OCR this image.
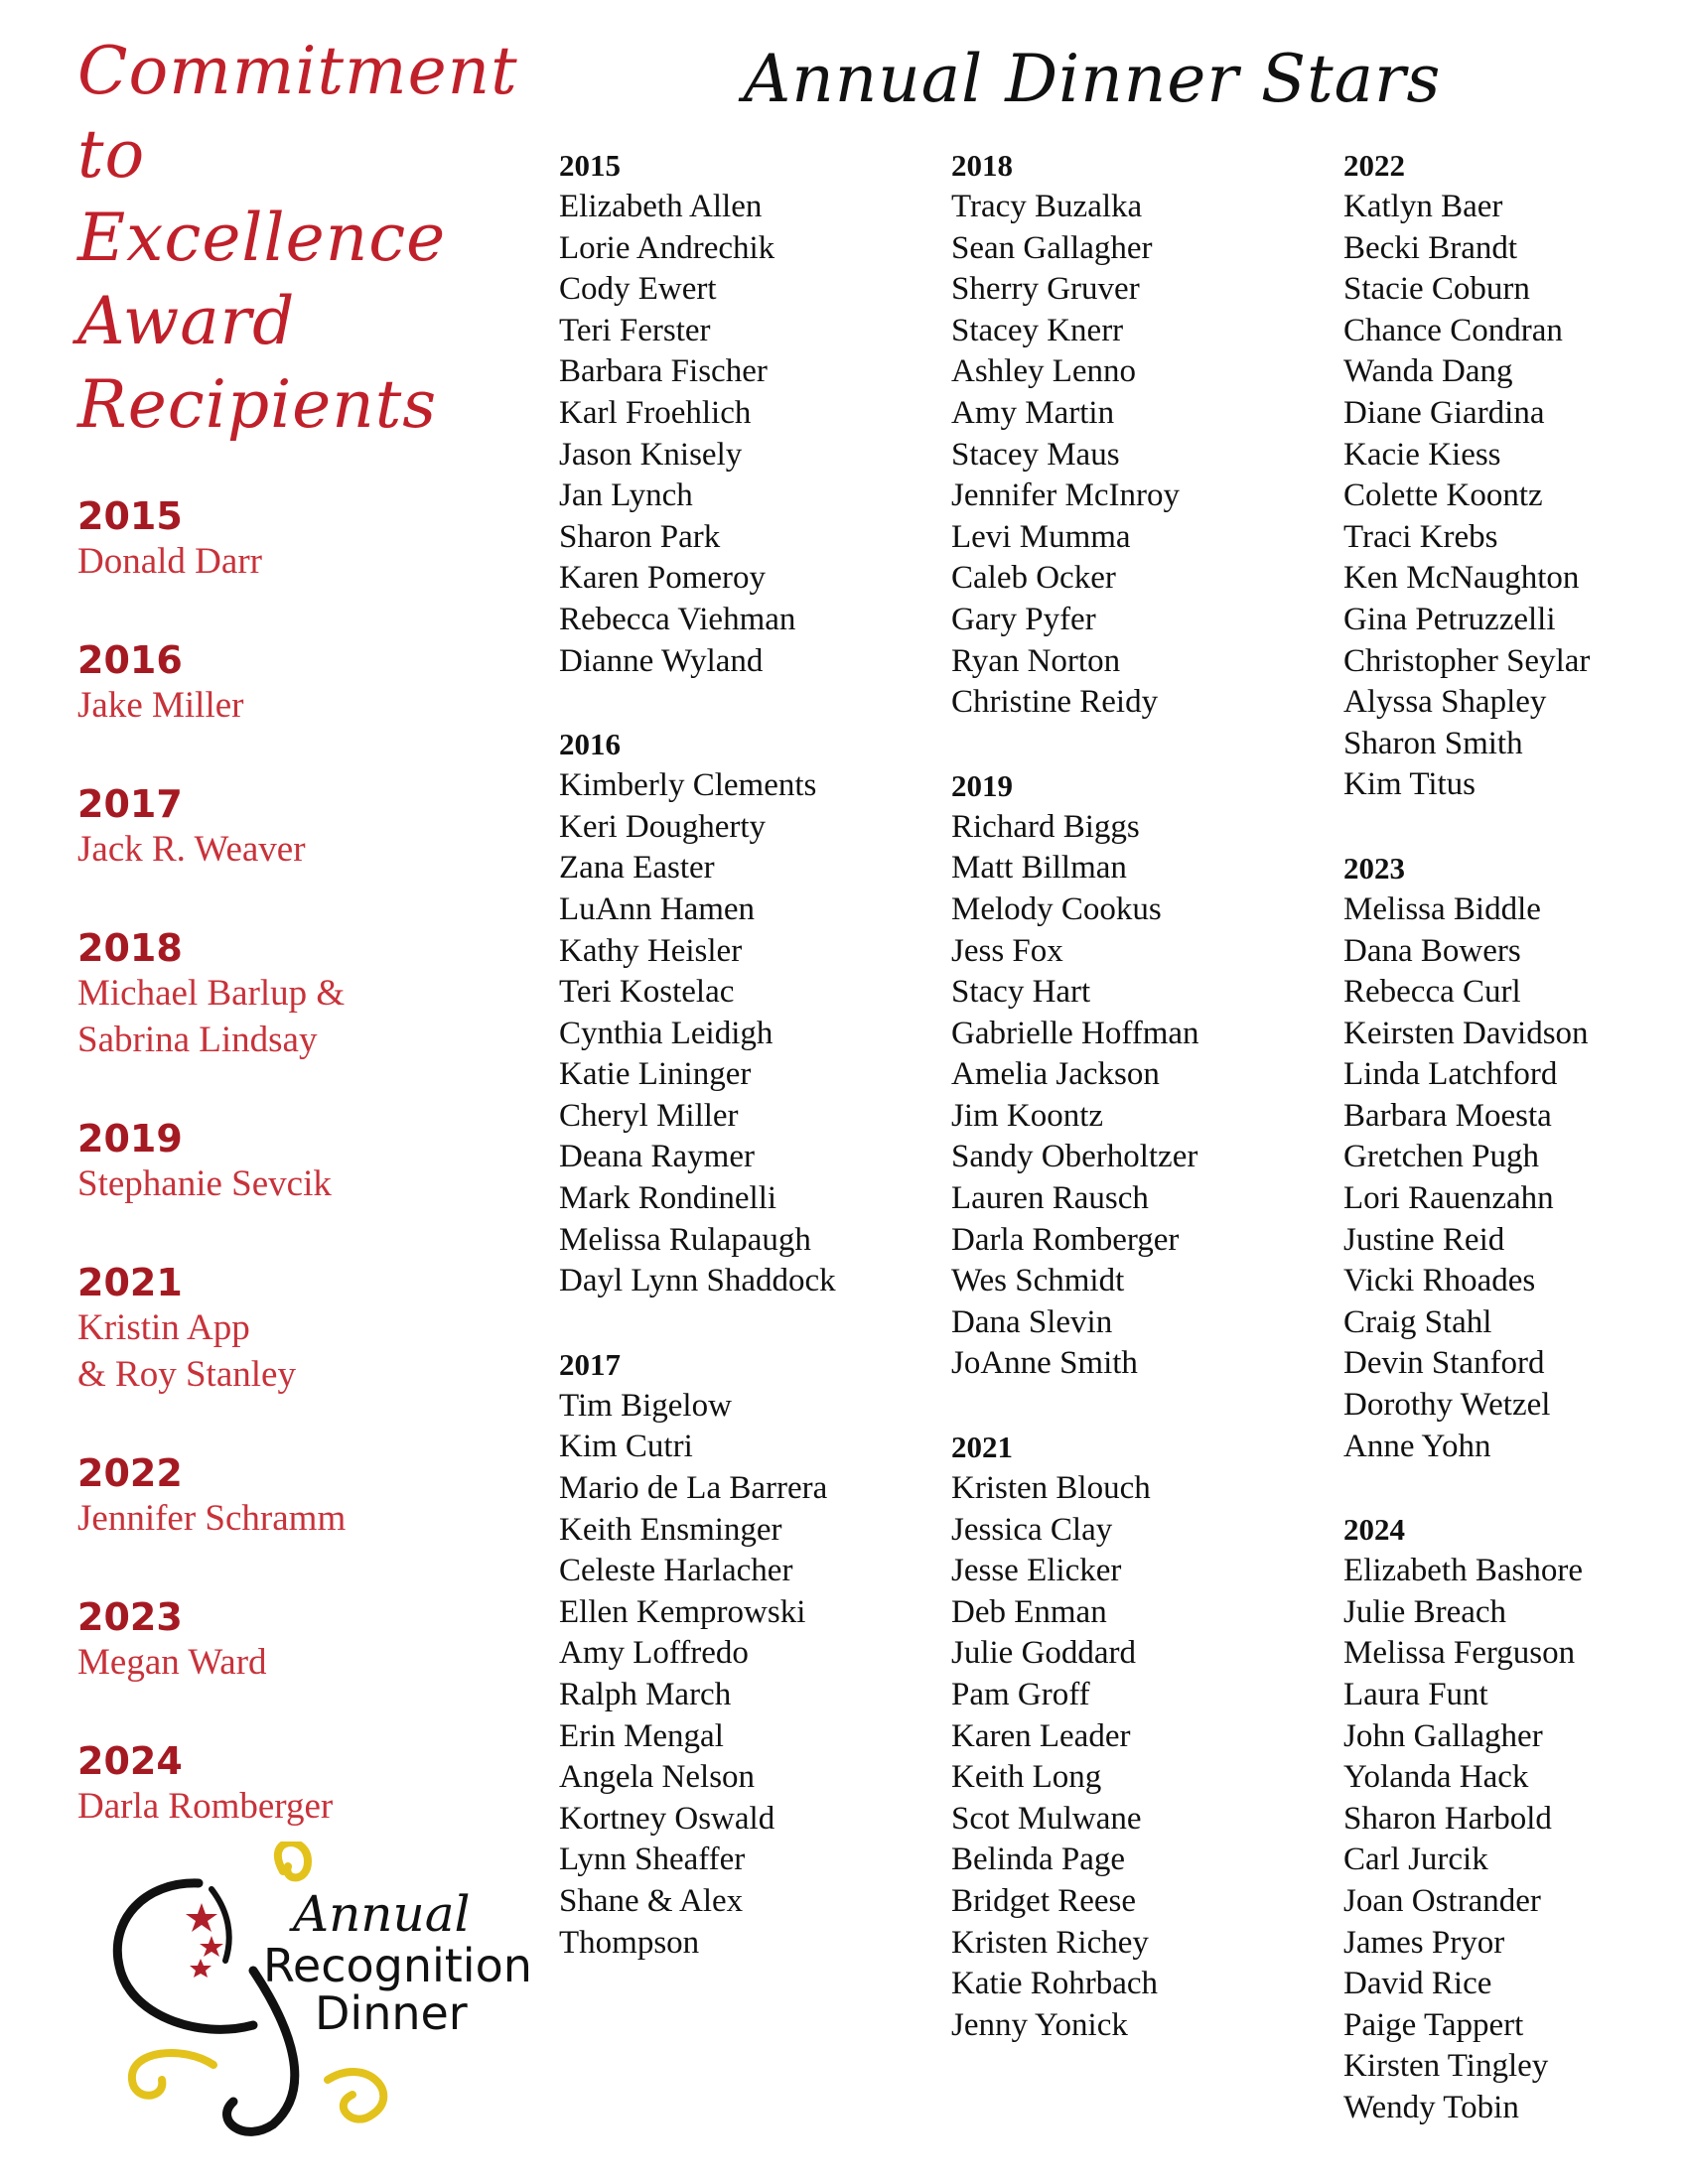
Commitment
to Excellence
Award
Recipients
2015
Donald Darr
2016
Jake Miller
2017
Jack R. Weaver
2018
Michael Barlup &
Sabrina Lindsay
2019
Stephanie Sevcik
2021
Kristin App
& Roy Stanley
2022
Jennifer Schramm
2023
Megan Ward
2024
Darla Romberger
Annual Dinner Stars
2015
Elizabeth Allen
Lorie Andrechik
Cody Ewert
Teri Ferster
Barbara Fischer
Karl Froehlich
Jason Knisely
Jan Lynch
Sharon Park
Karen Pomeroy
Rebecca Viehman
Dianne Wyland
2016
Kimberly Clements
Keri Dougherty
Zana Easter
LuAnn Hamen
Kathy Heisler
Teri Kostelac
Cynthia Leidigh
Katie Lininger
Cheryl Miller
Deana Raymer
Mark Rondinelli
Melissa Rulapaugh
Dayl Lynn Shaddock
2017
Tim Bigelow
Kim Cutri
Mario de La Barrera
Keith Ensminger
Celeste Harlacher
Ellen Kemprowski
Amy Loffredo
Ralph March
Erin Mengal
Angela Nelson
Kortney Oswald
Lynn Sheaffer
Shane & Alex
Thompson
2018
Tracy Buzalka
Sean Gallagher
Sherry Gruver
Stacey Knerr
Ashley Lenno
Amy Martin
Stacey Maus
Jennifer McInroy
Levi Mumma
Caleb Ocker
Gary Pyfer
Ryan Norton
Christine Reidy
2019
Richard Biggs
Matt Billman
Melody Cookus
Jess Fox
Stacy Hart
Gabrielle Hoffman
Amelia Jackson
Jim Koontz
Sandy Oberholtzer
Lauren Rausch
Darla Romberger
Wes Schmidt
Dana Slevin
JoAnne Smith
2021
Kristen Blouch
Jessica Clay
Jesse Elicker
Deb Enman
Julie Goddard
Pam Groff
Karen Leader
Keith Long
Scot Mulwane
Belinda Page
Bridget Reese
Kristen Richey
Katie Rohrbach
Jenny Yonick
2022
Katlyn Baer
Becki Brandt
Stacie Coburn
Chance Condran
Wanda Dang
Diane Giardina
Kacie Kiess
Colette Koontz
Traci Krebs
Ken McNaughton
Gina Petruzzelli
Christopher Seylar
Alyssa Shapley
Sharon Smith
Kim Titus
2023
Melissa Biddle
Dana Bowers
Rebecca Curl
Keirsten Davidson
Linda Latchford
Barbara Moesta
Gretchen Pugh
Lori Rauenzahn
Justine Reid
Vicki Rhoades
Craig Stahl
Devin Stanford
Dorothy Wetzel
Anne Yohn
2024
Elizabeth Bashore
Julie Breach
Melissa Ferguson
Laura Funt
John Gallagher
Yolanda Hack
Sharon Harbold
Carl Jurcik
Joan Ostrander
James Pryor
David Rice
Paige Tappert
Kirsten Tingley
Wendy Tobin
Annual
Recognition
Dinner
